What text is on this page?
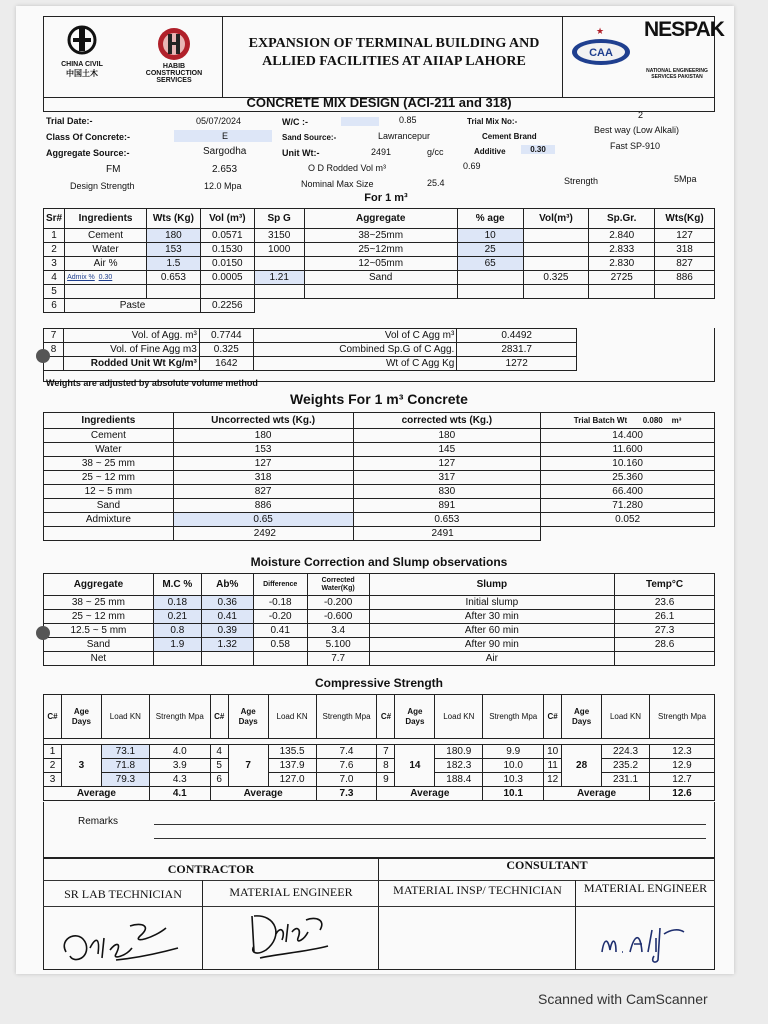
CHINA CIVIL
中国土木
HABIB
CONSTRUCTION
SERVICES
EXPANSION OF TERMINAL BUILDING AND
ALLIED FACILITIES AT AIIAP LAHORE
CAA
★ NESPAK
NATIONAL ENGINEERING
SERVICES PAKISTAN
CONCRETE MIX DESIGN (ACI-211 and 318)
Trial Date:-	05/07/2024	W/C :-	0.85	Trial Mix No:-
2
Class Of Concrete:-	E	Sand Source:-	Lawrancepur	Cement Brand
Best way (Low Alkali)
Aggregate Source:-	Sargodha	Unit Wt:-	2491	g/cc	Additive	0.30	Fast SP-910
FM	2.653	O D Rodded Vol m³	0.69
Design Strength	12.0 Mpa	Nominal Max Size	25.4	Strength	5Mpa
For 1 m³
Sr#	Ingredients	Wts (Kg)	Vol (m³)	Sp G	Aggregate	% age	Vol(m³)	Sp.Gr.	Wts(Kg)
1	Cement	180	0.0571	3150	38~25mm	10		2.840	127
2	Water	153	0.1530	1000	25~12mm	25		2.833	318
3	Air %	1.5	0.0150		12~05mm	65		2.830	827
4	Admix % 0.30	0.653	0.0005	1.21	Sand		0.325	2725	886
5									
6	Paste		0.2256						
7	Vol. of Agg. m³	0.7744	Vol of C Agg m³	0.4492
8	Vol. of Fine Agg m3	0.325	Combined Sp.G of C Agg.	2831.7
	Rodded Unit Wt Kg/m³	1642	Wt of C Agg Kg	1272
Weights are adjusted by absolute volume method
Weights For 1 m³ Concrete
Ingredients	Uncorrected wts (Kg.)	corrected wts (Kg.)	Trial Batch Wt 0.080 m³
Cement	180	180	14.400
Water	153	145	11.600
38 ~ 25 mm	127	127	10.160
25 ~ 12 mm	318	317	25.360
12 ~ 5 mm	827	830	66.400
Sand	886	891	71.280
Admixture	0.65	0.653	0.052
	2492	2491	
Moisture Correction and Slump observations
Aggregate	M.C %	Ab%	Difference	Corrected Water(Kg)	Slump	Temp°C
38 ~ 25 mm	0.18	0.36	-0.18	-0.200	Initial slump	23.6
25 ~ 12 mm	0.21	0.41	-0.20	-0.600	After 30 min	26.1
12.5 ~ 5 mm	0.8	0.39	0.41	3.4	After 60 min	27.3
Sand	1.9	1.32	0.58	5.100	After 90 min	28.6
Net				7.7	Air	
Compressive Strength
C#	Age Days	Load KN	Strength Mpa	C#	Age Days	Load KN	Strength Mpa	C#	Age Days	Load KN	Strength Mpa	C#	Age Days	Load KN	Strength Mpa

1	3	73.1	4.0	4	7	135.5	7.4	7	14	180.9	9.9	10	28	224.3	12.3
2		71.8	3.9	5		137.9	7.6	8		182.3	10.0	11		235.2	12.9
3		79.3	4.3	6		127.0	7.0	9		188.4	10.3	12		231.1	12.7
Average			4.1	Average			7.3	Average			10.1	Average			12.6
Remarks
CONTRACTOR	CONSULTANT
SR LAB TECHNICIAN	MATERIAL ENGINEER	MATERIAL INSP/ TECHNICIAN	MATERIAL ENGINEER
Scanned with CamScanner
